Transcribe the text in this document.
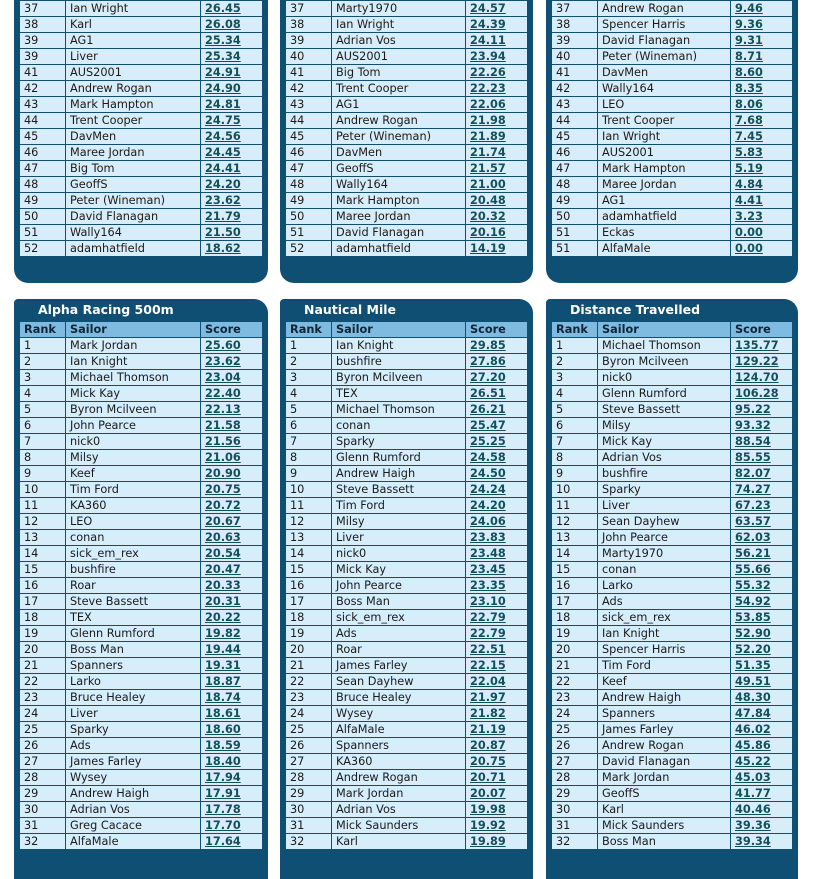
37	Ian Wright	26.45
38	Karl	26.08
39	AG1	25.34
39	Liver	25.34
41	AUS2001	24.91
42	Andrew Rogan	24.90
43	Mark Hampton	24.81
44	Trent Cooper	24.75
45	DavMen	24.56
46	Maree Jordan	24.45
47	Big Tom	24.41
48	GeoffS	24.20
49	Peter (Wineman)	23.62
50	David Flanagan	21.79
51	Wally164	21.50
52	adamhatfield	18.62
37	Marty1970	24.57
38	Ian Wright	24.39
39	Adrian Vos	24.11
40	AUS2001	23.94
41	Big Tom	22.26
42	Trent Cooper	22.23
43	AG1	22.06
44	Andrew Rogan	21.98
45	Peter (Wineman)	21.89
46	DavMen	21.74
47	GeoffS	21.57
48	Wally164	21.00
49	Mark Hampton	20.48
50	Maree Jordan	20.32
51	David Flanagan	20.16
52	adamhatfield	14.19
37	Andrew Rogan	9.46
38	Spencer Harris	9.36
39	David Flanagan	9.31
40	Peter (Wineman)	8.71
41	DavMen	8.60
42	Wally164	8.35
43	LEO	8.06
44	Trent Cooper	7.68
45	Ian Wright	7.45
46	AUS2001	5.83
47	Mark Hampton	5.19
48	Maree Jordan	4.84
49	AG1	4.41
50	adamhatfield	3.23
51	Eckas	0.00
51	AlfaMale	0.00
Alpha Racing 500m
Rank	Sailor	Score
1	Mark Jordan	25.60
2	Ian Knight	23.62
3	Michael Thomson	23.04
4	Mick Kay	22.40
5	Byron Mcilveen	22.13
6	John Pearce	21.58
7	nick0	21.56
8	Milsy	21.06
9	Keef	20.90
10	Tim Ford	20.75
11	KA360	20.72
12	LEO	20.67
13	conan	20.63
14	sick_em_rex	20.54
15	bushfire	20.47
16	Roar	20.33
17	Steve Bassett	20.31
18	TEX	20.22
19	Glenn Rumford	19.82
20	Boss Man	19.44
21	Spanners	19.31
22	Larko	18.87
23	Bruce Healey	18.74
24	Liver	18.61
25	Sparky	18.60
26	Ads	18.59
27	James Farley	18.40
28	Wysey	17.94
29	Andrew Haigh	17.91
30	Adrian Vos	17.78
31	Greg Cacace	17.70
32	AlfaMale	17.64
Nautical Mile
Rank	Sailor	Score
1	Ian Knight	29.85
2	bushfire	27.86
3	Byron Mcilveen	27.20
4	TEX	26.51
5	Michael Thomson	26.21
6	conan	25.47
7	Sparky	25.25
8	Glenn Rumford	24.58
9	Andrew Haigh	24.50
10	Steve Bassett	24.24
11	Tim Ford	24.20
12	Milsy	24.06
13	Liver	23.83
14	nick0	23.48
15	Mick Kay	23.45
16	John Pearce	23.35
17	Boss Man	23.10
18	sick_em_rex	22.79
19	Ads	22.79
20	Roar	22.51
21	James Farley	22.15
22	Sean Dayhew	22.04
23	Bruce Healey	21.97
24	Wysey	21.82
25	AlfaMale	21.19
26	Spanners	20.87
27	KA360	20.75
28	Andrew Rogan	20.71
29	Mark Jordan	20.07
30	Adrian Vos	19.98
31	Mick Saunders	19.92
32	Karl	19.89
Distance Travelled
Rank	Sailor	Score
1	Michael Thomson	135.77
2	Byron Mcilveen	129.22
3	nick0	124.70
4	Glenn Rumford	106.28
5	Steve Bassett	95.22
6	Milsy	93.32
7	Mick Kay	88.54
8	Adrian Vos	85.55
9	bushfire	82.07
10	Sparky	74.27
11	Liver	67.23
12	Sean Dayhew	63.57
13	John Pearce	62.03
14	Marty1970	56.21
15	conan	55.66
16	Larko	55.32
17	Ads	54.92
18	sick_em_rex	53.85
19	Ian Knight	52.90
20	Spencer Harris	52.20
21	Tim Ford	51.35
22	Keef	49.51
23	Andrew Haigh	48.30
24	Spanners	47.84
25	James Farley	46.02
26	Andrew Rogan	45.86
27	David Flanagan	45.22
28	Mark Jordan	45.03
29	GeoffS	41.77
30	Karl	40.46
31	Mick Saunders	39.36
32	Boss Man	39.34
